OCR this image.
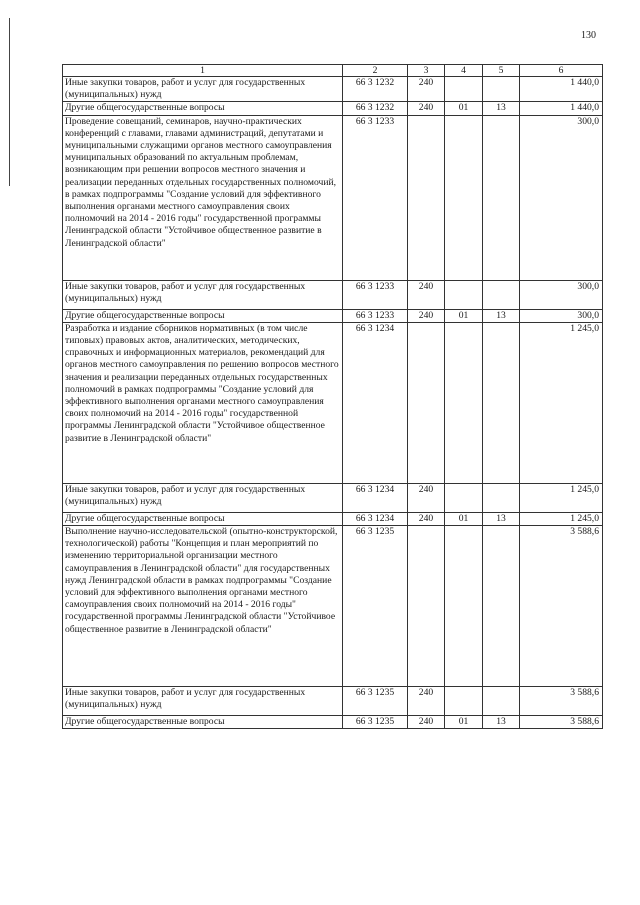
130
1	2	3	4	5	6
Иные закупки товаров, работ и услуг для государственных (муниципальных) нужд	66 3 1232	240			1 440,0
Другие общегосударственные вопросы	66 3 1232	240	01	13	1 440,0
Проведение совещаний, семинаров, научно-практических конференций с главами, главами администраций, депутатами и муниципальными служащими органов местного самоуправления муниципальных образований по актуальным проблемам, возникающим при решении вопросов местного значения и реализации переданных отдельных государственных полномочий, в рамках подпрограммы "Создание условий для эффективного выполнения органами местного самоуправления своих полномочий на 2014 - 2016 годы" государственной программы Ленинградской области "Устойчивое общественное развитие в Ленинградской области"	66 3 1233				300,0
Иные закупки товаров, работ и услуг для государственных (муниципальных) нужд	66 3 1233	240			300,0
Другие общегосударственные вопросы	66 3 1233	240	01	13	300,0
Разработка и издание сборников нормативных (в том числе типовых) правовых актов, аналитических, методических, справочных и информационных материалов, рекомендаций для органов местного самоуправления по решению вопросов местного значения и реализации переданных отдельных государственных полномочий в рамках подпрограммы "Создание условий для эффективного выполнения органами местного самоуправления своих полномочий на 2014 - 2016 годы" государственной программы Ленинградской области "Устойчивое общественное развитие в Ленинградской области"	66 3 1234				1 245,0
Иные закупки товаров, работ и услуг для государственных (муниципальных) нужд	66 3 1234	240			1 245,0
Другие общегосударственные вопросы	66 3 1234	240	01	13	1 245,0
Выполнение научно-исследовательской (опытно-конструкторской, технологической) работы "Концепция и план мероприятий по изменению территориальной организации местного самоуправления в Ленинградской области" для государственных нужд Ленинградской области в рамках подпрограммы "Создание условий для эффективного выполнения органами местного самоуправления своих полномочий на 2014 - 2016 годы" государственной программы Ленинградской области "Устойчивое общественное развитие в Ленинградской области"	66 3 1235				3 588,6
Иные закупки товаров, работ и услуг для государственных (муниципальных) нужд	66 3 1235	240			3 588,6
Другие общегосударственные вопросы	66 3 1235	240	01	13	3 588,6
